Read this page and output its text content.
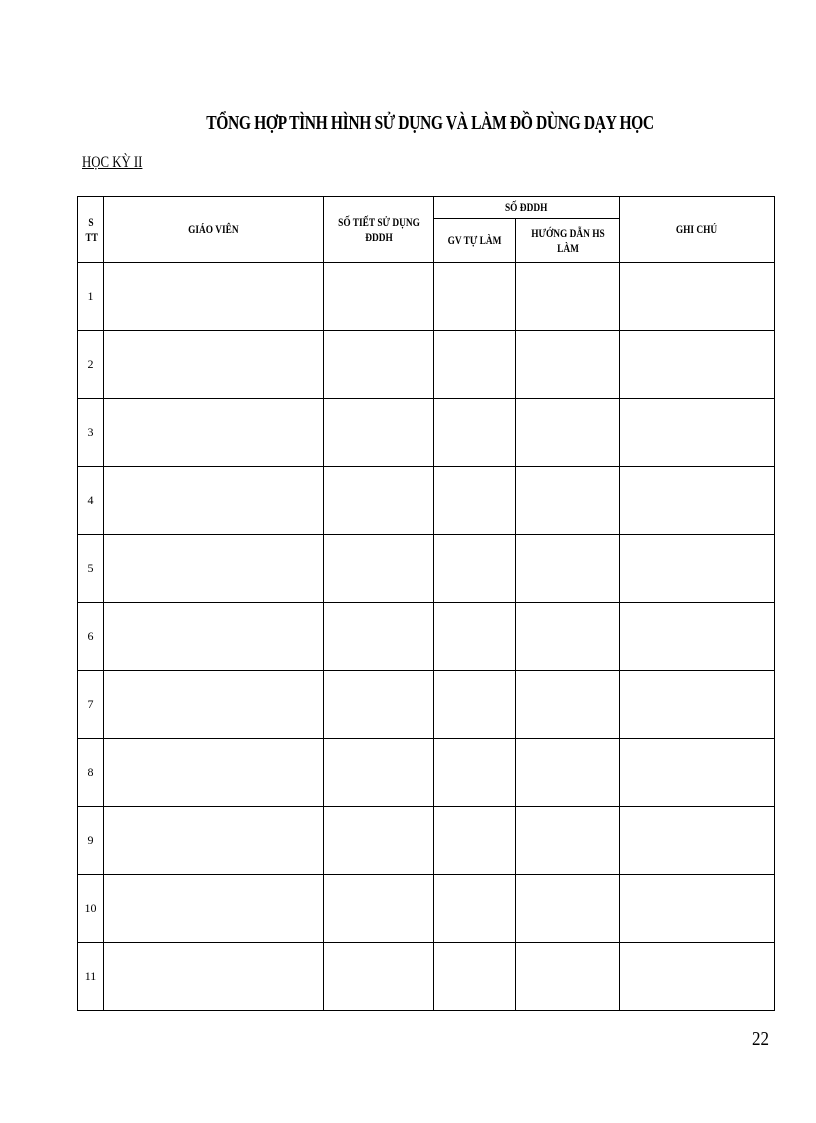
TỔNG HỢP TÌNH HÌNH SỬ DỤNG VÀ LÀM ĐỒ DÙNG DẠY HỌC
HỌC KỲ II
S TT	GIÁO VIÊN	SỐ TIẾT SỬ DỤNG ĐDDH	SỐ ĐDDH		GHI CHÚ
			GV TỰ LÀM	HƯỚNG DẪN HS LÀM	
1					
2					
3					
4					
5					
6					
7					
8					
9					
10					
11					
22
